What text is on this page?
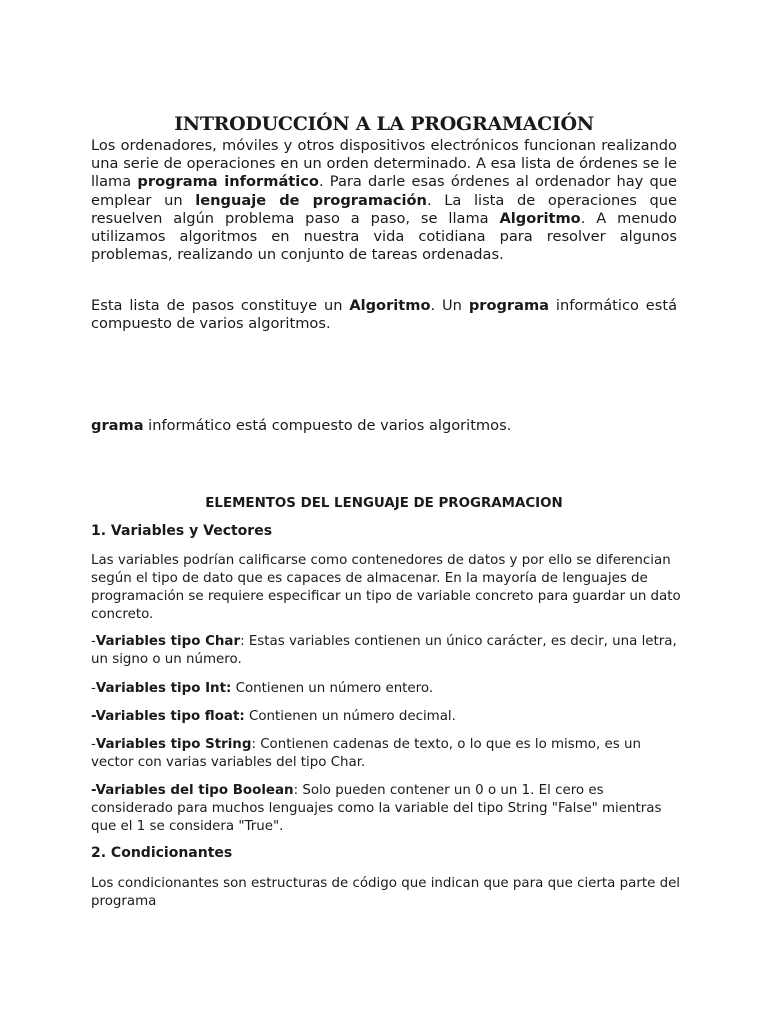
INTRODUCCIÓN A LA PROGRAMACIÓN

Los ordenadores, móviles y otros dispositivos electrónicos funcionan realizando una serie de operaciones en un orden determinado. A esa lista de órdenes se le llama programa informático. Para darle esas órdenes al ordenador hay que emplear un lenguaje de programación. La lista de operaciones que resuelven algún problema paso a paso, se llama Algoritmo. A menudo utilizamos algoritmos en nuestra vida cotidiana para resolver algunos problemas, realizando un conjunto de tareas ordenadas.

Esta lista de pasos constituye un Algoritmo. Un programa informático está compuesto de varios algoritmos.

grama informático está compuesto de varios algoritmos.

ELEMENTOS DEL LENGUAJE DE PROGRAMACION

1. Variables y Vectores

Las variables podrían calificarse como contenedores de datos y por ello se diferencian según el tipo de dato que es capaces de almacenar. En la mayoría de lenguajes de programación se requiere especificar un tipo de variable concreto para guardar un dato concreto.

-Variables tipo Char: Estas variables contienen un único carácter, es decir, una letra, un signo o un número.

-Variables tipo Int: Contienen un número entero.

-Variables tipo float: Contienen un número decimal.

-Variables tipo String: Contienen cadenas de texto, o lo que es lo mismo, es un vector con varias variables del tipo Char.

-Variables del tipo Boolean: Solo pueden contener un 0 o un 1. El cero es considerado para muchos lenguajes como la variable del tipo String "False" mientras que el 1 se considera "True".

2. Condicionantes

Los condicionantes son estructuras de código que indican que para que cierta parte del programa
